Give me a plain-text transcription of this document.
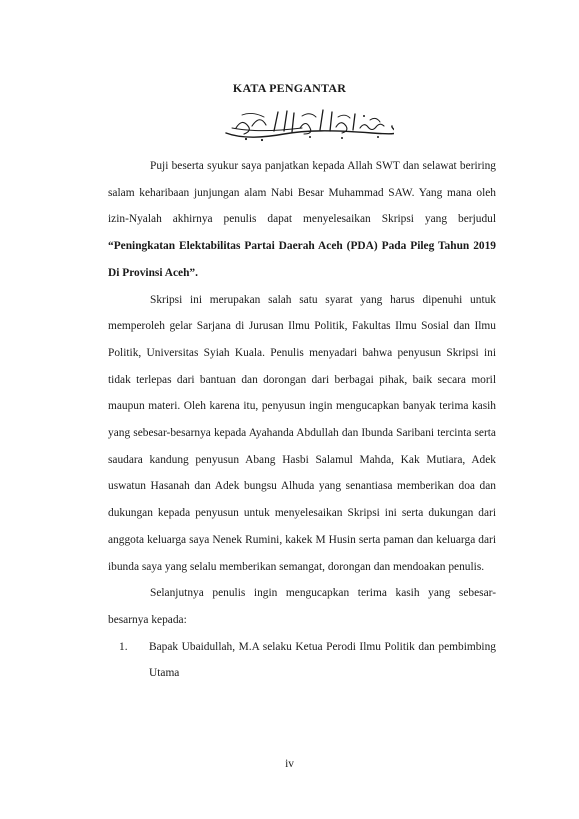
KATA PENGANTAR

Puji beserta syukur saya panjatkan kepada Allah SWT dan selawat beriring salam keharibaan junjungan alam Nabi Besar Muhammad SAW. Yang mana oleh izin-Nyalah akhirnya penulis dapat menyelesaikan Skripsi yang berjudul “Peningkatan Elektabilitas Partai Daerah Aceh (PDA) Pada Pileg Tahun 2019 Di Provinsi Aceh”.

Skripsi ini merupakan salah satu syarat yang harus dipenuhi untuk memperoleh gelar Sarjana di Jurusan Ilmu Politik, Fakultas Ilmu Sosial dan Ilmu Politik, Universitas Syiah Kuala. Penulis menyadari bahwa penyusun Skripsi ini tidak terlepas dari bantuan dan dorongan dari berbagai pihak, baik secara moril maupun materi. Oleh karena itu, penyusun ingin mengucapkan banyak terima kasih yang sebesar-besarnya kepada Ayahanda Abdullah dan Ibunda Saribani tercinta serta saudara kandung penyusun Abang Hasbi Salamul Mahda, Kak Mutiara, Adek uswatun Hasanah dan Adek bungsu Alhuda yang senantiasa memberikan doa dan dukungan kepada penyusun untuk menyelesaikan Skripsi ini serta dukungan dari anggota keluarga saya Nenek Rumini, kakek M Husin serta paman dan keluarga dari ibunda saya yang selalu memberikan semangat, dorongan dan mendoakan penulis.

Selanjutnya penulis ingin mengucapkan terima kasih yang sebesar-besarnya kepada:

1. Bapak Ubaidullah, M.A selaku Ketua Perodi Ilmu Politik dan pembimbing Utama
iv
